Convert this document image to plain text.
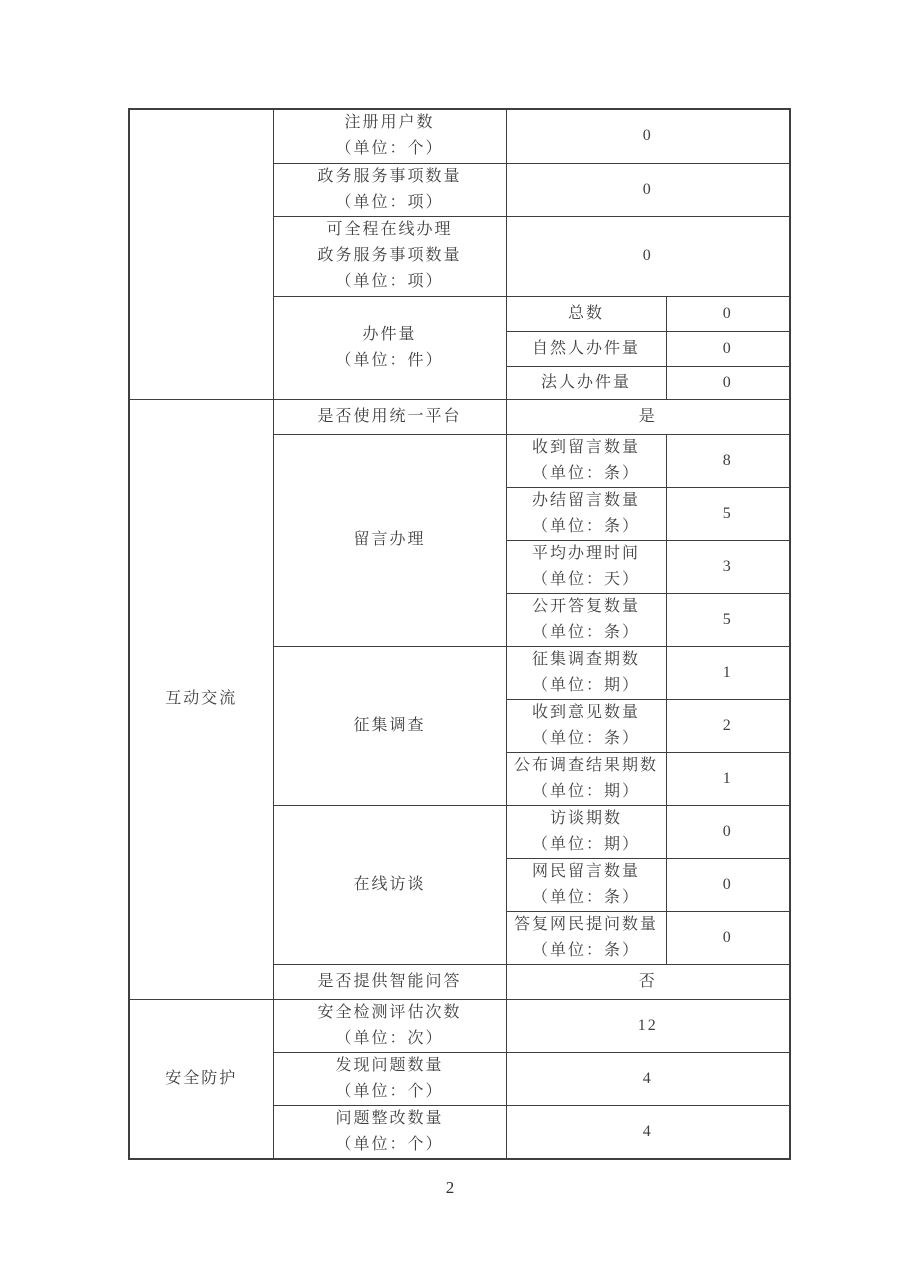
	注册用户数
（单位：个）	0	

	政务服务事项数量
（单位：项）	0	

	可全程在线办理
政务服务事项数量
（单位：项）	0	

	办件量
（单位：件）	总数	0
		自然人办件量	0
		法人办件量	0
互动交流	是否使用统一平台	是	
	留言办理	收到留言数量
（单位：条）	8

		办结留言数量
（单位：条）	5

		平均办理时间
（单位：天）	3

		公开答复数量
（单位：条）	5
	征集调查	征集调查期数
（单位：期）	1

		收到意见数量
（单位：条）	2

		公布调查结果期数
（单位：期）	1
	在线访谈	访谈期数
（单位：期）	0

		网民留言数量
（单位：条）	0

		答复网民提问数量
（单位：条）	0
	是否提供智能问答	否	
安全防护	安全检测评估次数
（单位：次）	12	

	发现问题数量
（单位：个）	4	

	问题整改数量
（单位：个）	4	
2
